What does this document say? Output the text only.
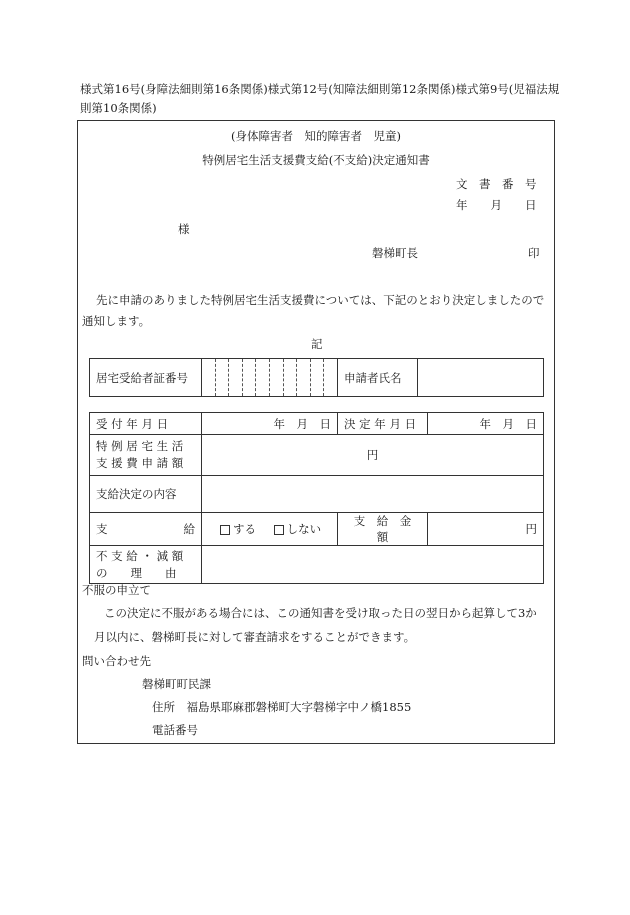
様式第16号(身障法細則第16条関係)様式第12号(知障法細則第12条関係)様式第9号(児福法規則第10条関係)
(身体障害者　知的障害者　児童)
特例居宅生活支援費支給(不支給)決定通知書
文　書　番　号
年　　月　　日
様
磐梯町長	印
先に申請のありました特例居宅生活支援費については、下記のとおり決定しましたので
通知します。
記
居宅受給者証番号		申請者氏名	
受 付 年 月 日	年　月　日	決 定 年 月 日	年　月　日

特 例 居 宅 生 活
支 援 費 申 請 額	円		
支給決定の内容			
支 給	する しない	支　給　金　額	円

不 支 給 ・ 減 額
の　　理　　由			

不服の申立て
この決定に不服がある場合には、この通知書を受け取った日の翌日から起算して3か
月以内に、磐梯町長に対して審査請求をすることができます。
問い合わせ先
磐梯町町民課
住所　福島県耶麻郡磐梯町大字磐梯字中ノ橋1855
電話番号
